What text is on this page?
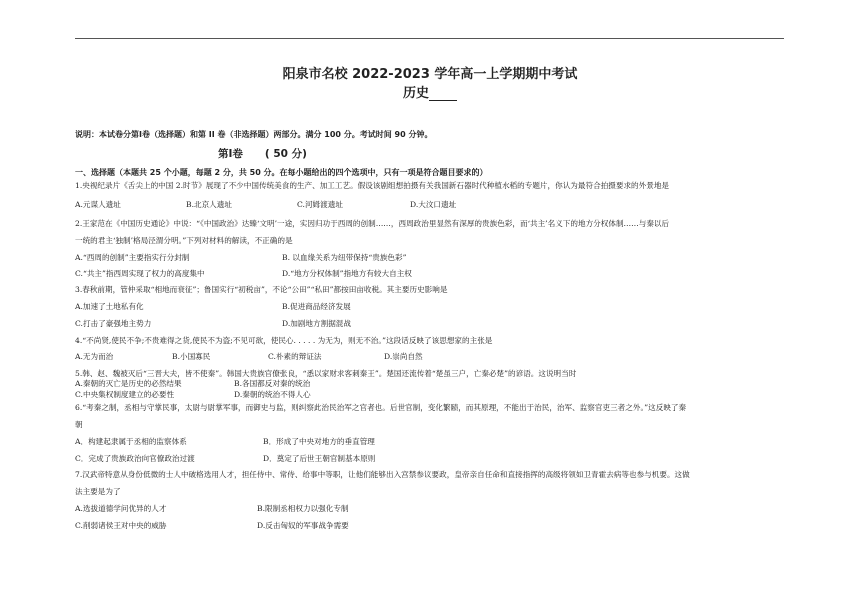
阳泉市名校 2022-2023 学年高一上学期期中考试
历史
说明：本试卷分第Ⅰ卷（选择题）和第 II 卷（非选择题）两部分。满分 100 分。考试时间 90 分钟。
第Ⅰ卷 ( 50 分)
一、选择题（本题共 25 个小题，每题 2 分，共 50 分。在每小题给出的四个选项中，只有一项是符合题目要求的）
1.央视纪录片《舌尖上的中国 2.时节》展现了不少中国传统美食的生产、加工工艺。假设该剧组想拍摄有关我国新石器时代种植水稻的专题片，你认为最符合拍摄要求的外景地是
A.元谋人遗址	B.北京人遗址	C.河姆渡遗址	D.大汶口遗址
2.王家范在《中国历史通论》中说：“《中国政治》达臻‘文明’一途，实因归功于西周的创制……，西周政治里显然有深厚的贵族色彩，而‘共主’名义下的地方分权体制……与秦以后
一统的君主‘独制’格局泾渭分明。”下列对材料的解读，不正确的是
A.“西周的创制”主要指实行分封制	B. 以血缘关系为纽带保持“贵族色彩”
C.“共主”指西周实现了权力的高度集中	D.“地方分权体制”指地方有较大自主权
3.春秋前期，管仲采取“相地而衰征”；鲁国实行“初税亩”，不论“公田”“私田”都按田亩收税。其主要历史影响是
A.加速了土地私有化	B.促进商品经济发展
C.打击了豪强地主势力	D.加剧地方割据混战
4.“不尚贤,使民不争;不贵难得之货,使民不为盗;不见可欲，使民心. . . . . 为无为，则无不治。”这段话反映了该思想家的主张是
A.无为而治	B.小国寡民	C.朴素的辩证法	D.崇尚自然
5.韩、赵、魏被灭后“三晋大夫，皆不使秦”。韩国大贵族官僚张良，“悉以家财求客刺秦王”。楚国还流传着“楚虽三户，亡秦必楚”的谚语。这说明当时
A.秦朝的灭亡是历史的必然结果	B.各国都反对秦的统治
C.中央集权制度建立的必要性	D.秦朝的统治不得人心
6.“考秦之制，丞相与守掌民事，太尉与尉掌军事，而御史与监，则纠察此治民治军之官者也。后世官制，变化繁赜，而其原理，不能出于治民，治军、监察官吏三者之外。”这反映了秦
朝
A．构建起隶属于丞相的监察体系	B．形成了中央对地方的垂直管理
C．完成了贵族政治向官僚政治过渡	D．奠定了后世王朝官制基本原则
7.汉武帝特意从身份低微的士人中破格选用人才，担任侍中、常侍、给事中等职，让他们能够出入宫禁参议要政，皇帝亲自任命和直接指挥的高级将领如卫青霍去病等也参与机要。这做
法主要是为了
A.选拔道德学问优异的人才	B.限制丞相权力以强化专制
C.削弱诸侯王对中央的威胁	D.反击匈奴的军事战争需要
